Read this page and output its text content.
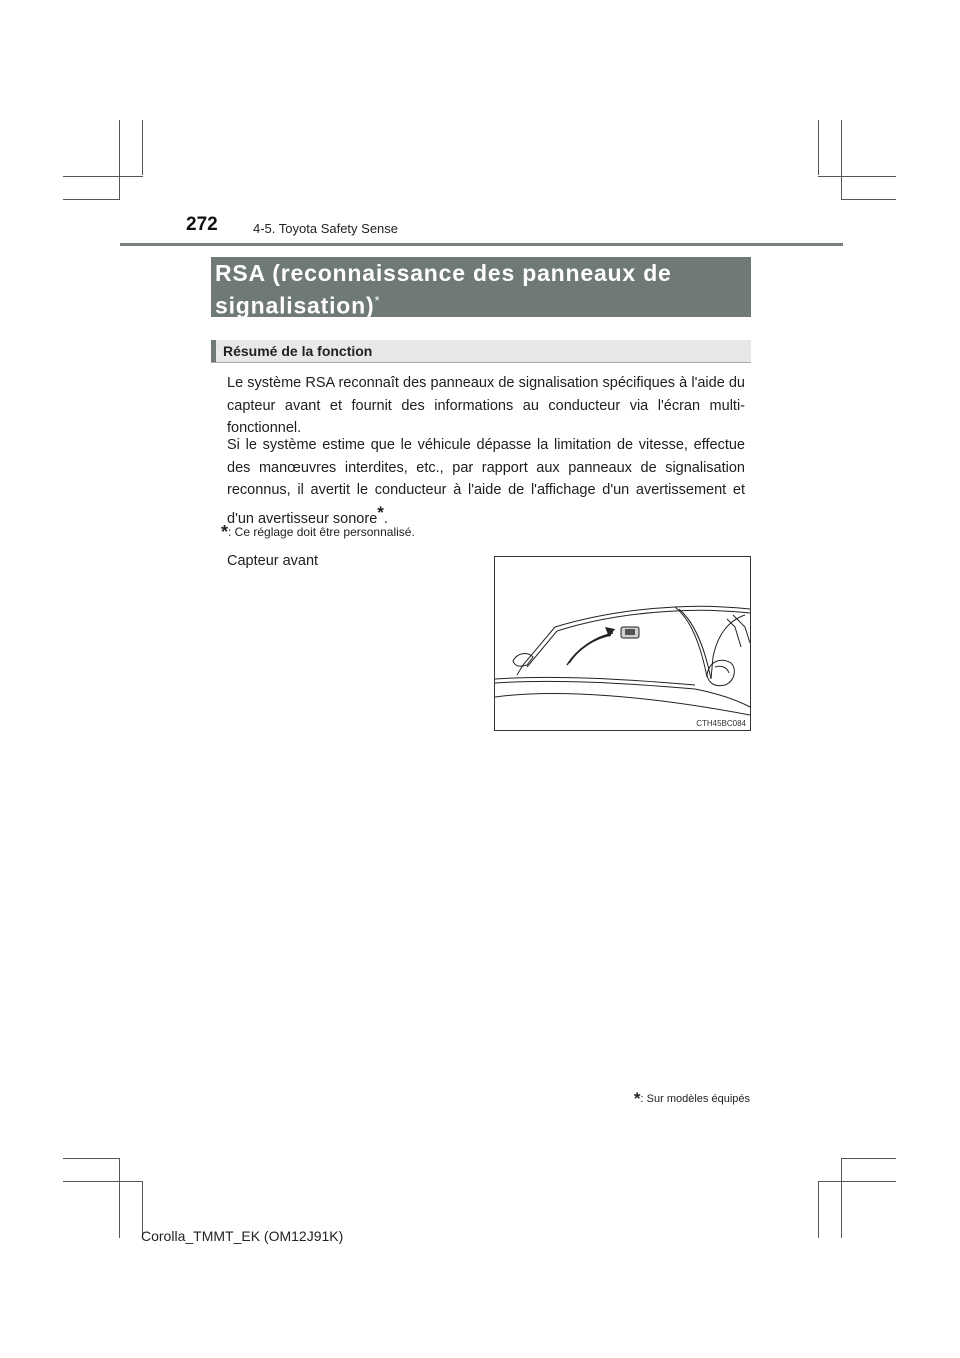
272	4-5. Toyota Safety Sense
RSA (reconnaissance des panneaux de signalisation)*
Résumé de la fonction

Le système RSA reconnaît des panneaux de signalisation spécifiques à l'aide du capteur avant et fournit des informations au conducteur via l'écran multi-fonctionnel.

Si le système estime que le véhicule dépasse la limitation de vitesse, effectue des manœuvres interdites, etc., par rapport aux panneaux de signalisation reconnus, il avertit le conducteur à l'aide de l'affichage d'un avertissement et d'un avertisseur sonore*.

*: Ce réglage doit être personnalisé.
Capteur avant
CTH45BC084
*: Sur modèles équipés
Corolla_TMMT_EK (OM12J91K)
